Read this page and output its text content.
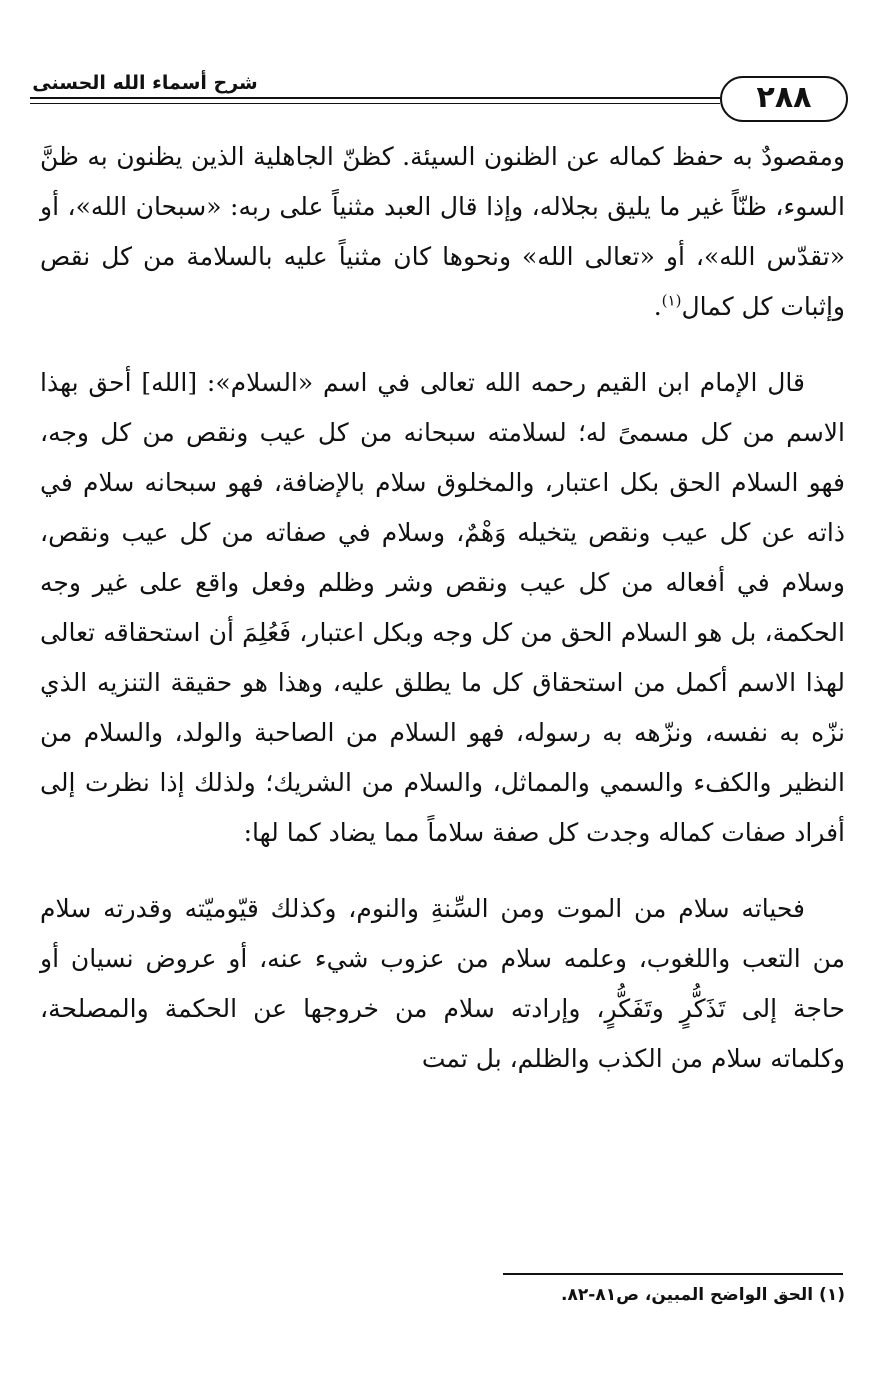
شرح أسماء الله الحسنى	٢٨٨

ومقصودٌ به حفظ كماله عن الظنون السيئة. كظنّ الجاهلية الذين يظنون به ظنَّ السوء، ظنّاً غير ما يليق بجلاله، وإذا قال العبد مثنياً على ربه: «سبحان الله»، أو «تقدّس الله»، أو «تعالى الله» ونحوها كان مثنياً عليه بالسلامة من كل نقص وإثبات كل كمال$^{(١)}$.

قال الإمام ابن القيم رحمه الله تعالى في اسم «السلام»: [الله] أحق بهذا الاسم من كل مسمىً له؛ لسلامته سبحانه من كل عيب ونقص من كل وجه، فهو السلام الحق بكل اعتبار، والمخلوق سلام بالإضافة، فهو سبحانه سلام في ذاته عن كل عيب ونقص يتخيله وَهْمٌ، وسلام في صفاته من كل عيب ونقص، وسلام في أفعاله من كل عيب ونقص وشر وظلم وفعل واقع على غير وجه الحكمة، بل هو السلام الحق من كل وجه وبكل اعتبار، فَعُلِمَ أن استحقاقه تعالى لهذا الاسم أكمل من استحقاق كل ما يطلق عليه، وهذا هو حقيقة التنزيه الذي نزّه به نفسه، ونزّهه به رسوله، فهو السلام من الصاحبة والولد، والسلام من النظير والكفء والسمي والمماثل، والسلام من الشريك؛ ولذلك إذا نظرت إلى أفراد صفات كماله وجدت كل صفة سلاماً مما يضاد كما لها:

فحياته سلام من الموت ومن السِّنةِ والنوم، وكذلك قيّوميّته وقدرته سلام من التعب واللغوب، وعلمه سلام من عزوب شيء عنه، أو عروض نسيان أو حاجة إلى تَذَكُّرٍ وتَفَكُّرٍ، وإرادته سلام من خروجها عن الحكمة والمصلحة، وكلماته سلام من الكذب والظلم، بل تمت

(١) الحق الواضح المبين، ص٨١-٨٢.
